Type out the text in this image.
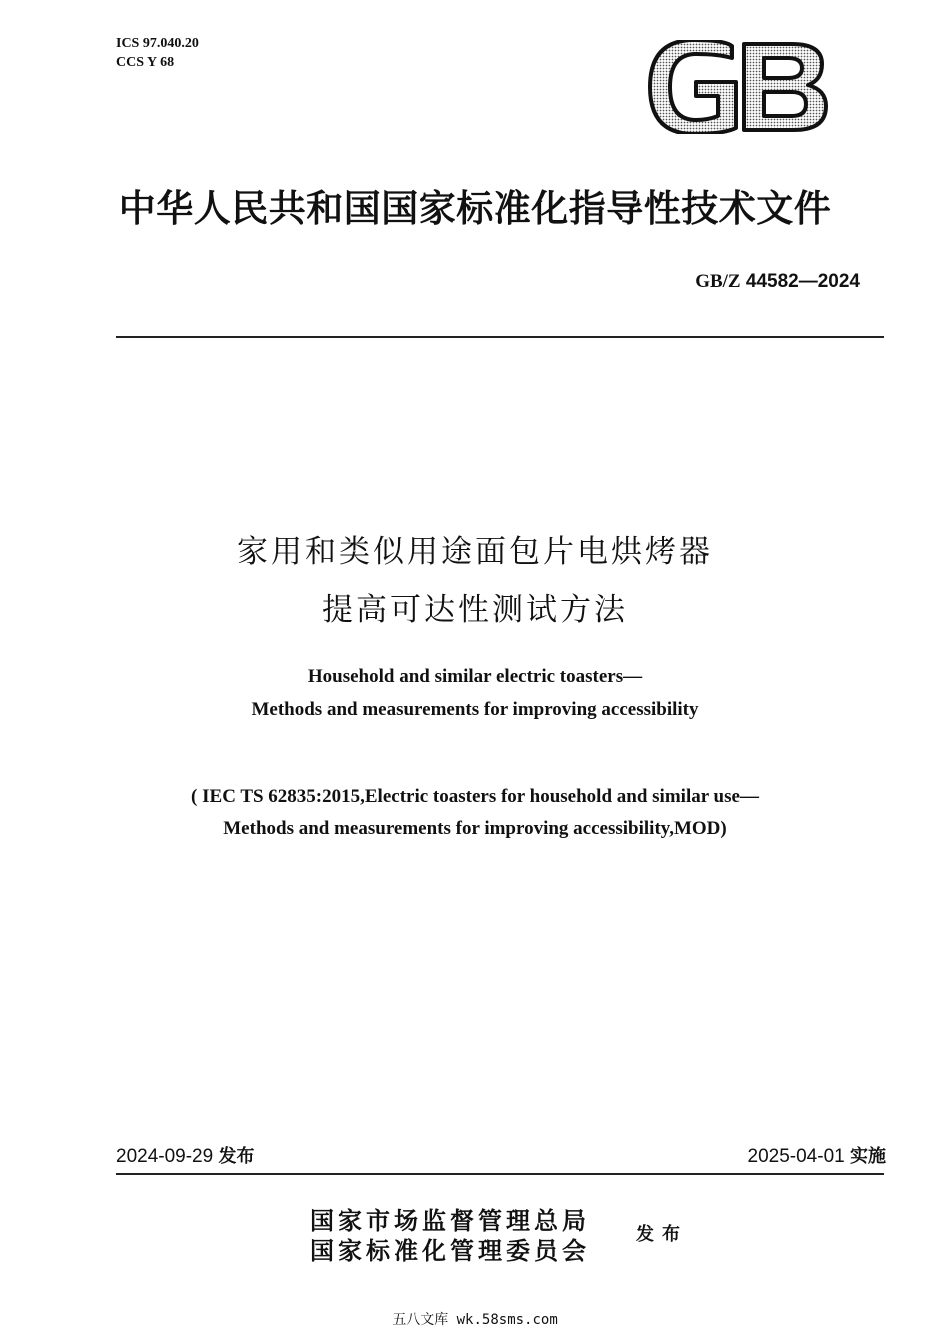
ICS 97.040.20
CCS Y 68
中华人民共和国国家标准化指导性技术文件
GB/Z 44582—2024
家用和类似用途面包片电烘烤器
提高可达性测试方法
Household and similar electric toasters—
Methods and measurements for improving accessibility
( IEC TS 62835:2015,Electric toasters for household and similar use—
Methods and measurements for improving accessibility,MOD)
2024-09-29 发布	2025-04-01 实施
国家市场监督管理总局
国家标准化管理委员会
发布
五八文库 wk.58sms.com
